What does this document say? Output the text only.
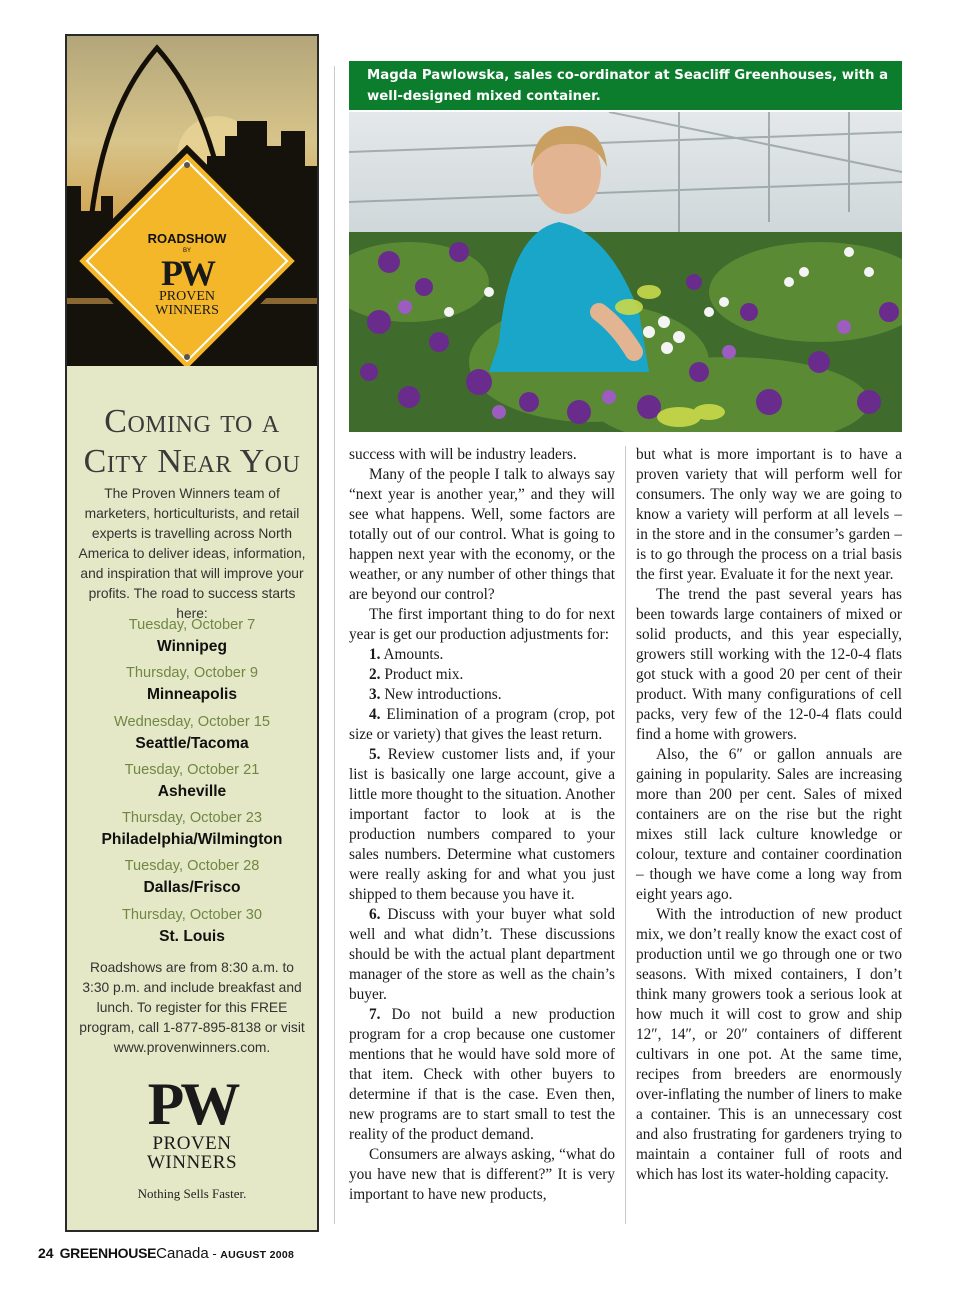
ROADSHOW
BY
PW
PROVEN
WINNERS
Coming to a
City Near You
The Proven Winners team of marketers, horticulturists, and retail experts is travelling across North America to deliver ideas, information, and inspiration that will improve your profits. The road to success starts here:
Tuesday, October 7
Winnipeg
Thursday, October 9
Minneapolis
Wednesday, October 15
Seattle/Tacoma
Tuesday, October 21
Asheville
Thursday, October 23
Philadelphia/Wilmington
Tuesday, October 28
Dallas/Frisco
Thursday, October 30
St. Louis
Roadshows are from 8:30 a.m. to 3:30 p.m. and include breakfast and lunch. To register for this FREE program, call 1-877-895-8138 or visit www.provenwinners.com.
PW
PROVEN
WINNERS
Nothing Sells Faster.
Magda Pawlowska, sales co-ordinator at Seacliff Greenhouses, with a well-designed mixed container.

success with will be industry leaders.

Many of the people I talk to always say “next year is another year,” and they will see what happens. Well, some factors are totally out of our control. What is going to happen next year with the economy, or the weather, or any number of other things that are beyond our control?

The first important thing to do for next year is get our production adjustments for:

1. Amounts.

2. Product mix.

3. New introductions.

4. Elimination of a program (crop, pot size or variety) that gives the least return.

5. Review customer lists and, if your list is basically one large account, give a little more thought to the situation. Another important factor to look at is the production numbers compared to your sales numbers. Determine what customers were really asking for and what you just shipped to them because you have it.

6. Discuss with your buyer what sold well and what didn’t. These discussions should be with the actual plant department manager of the store as well as the chain’s buyer.

7. Do not build a new production program for a crop because one customer mentions that he would have sold more of that item. Check with other buyers to determine if that is the case. Even then, new programs are to start small to test the reality of the product demand.

Consumers are always asking, “what do you have new that is different?” It is very important to have new products,

but what is more important is to have a proven variety that will perform well for consumers. The only way we are going to know a variety will perform at all levels – in the store and in the consumer’s garden – is to go through the process on a trial basis the first year. Evaluate it for the next year.

The trend the past several years has been towards large containers of mixed or solid products, and this year especially, growers still working with the 12-0-4 flats got stuck with a good 20 per cent of their product. With many configurations of cell packs, very few of the 12-0-4 flats could find a home with growers.

Also, the 6″ or gallon annuals are gaining in popularity. Sales are increasing more than 200 per cent. Sales of mixed containers are on the rise but the right mixes still lack culture knowledge or colour, texture and container coordination – though we have come a long way from eight years ago.

With the introduction of new product mix, we don’t really know the exact cost of production until we go through one or two seasons. With mixed containers, I don’t think many growers took a serious look at how much it will cost to grow and ship 12″, 14″, or 20″ containers of different cultivars in one pot. At the same time, recipes from breeders are enormously over-inflating the number of liners to make a container. This is an unnecessary cost and also frustrating for gardeners trying to maintain a container full of roots and which has lost its water-holding capacity.

24 GREENHOUSECanada - AUGUST 2008
